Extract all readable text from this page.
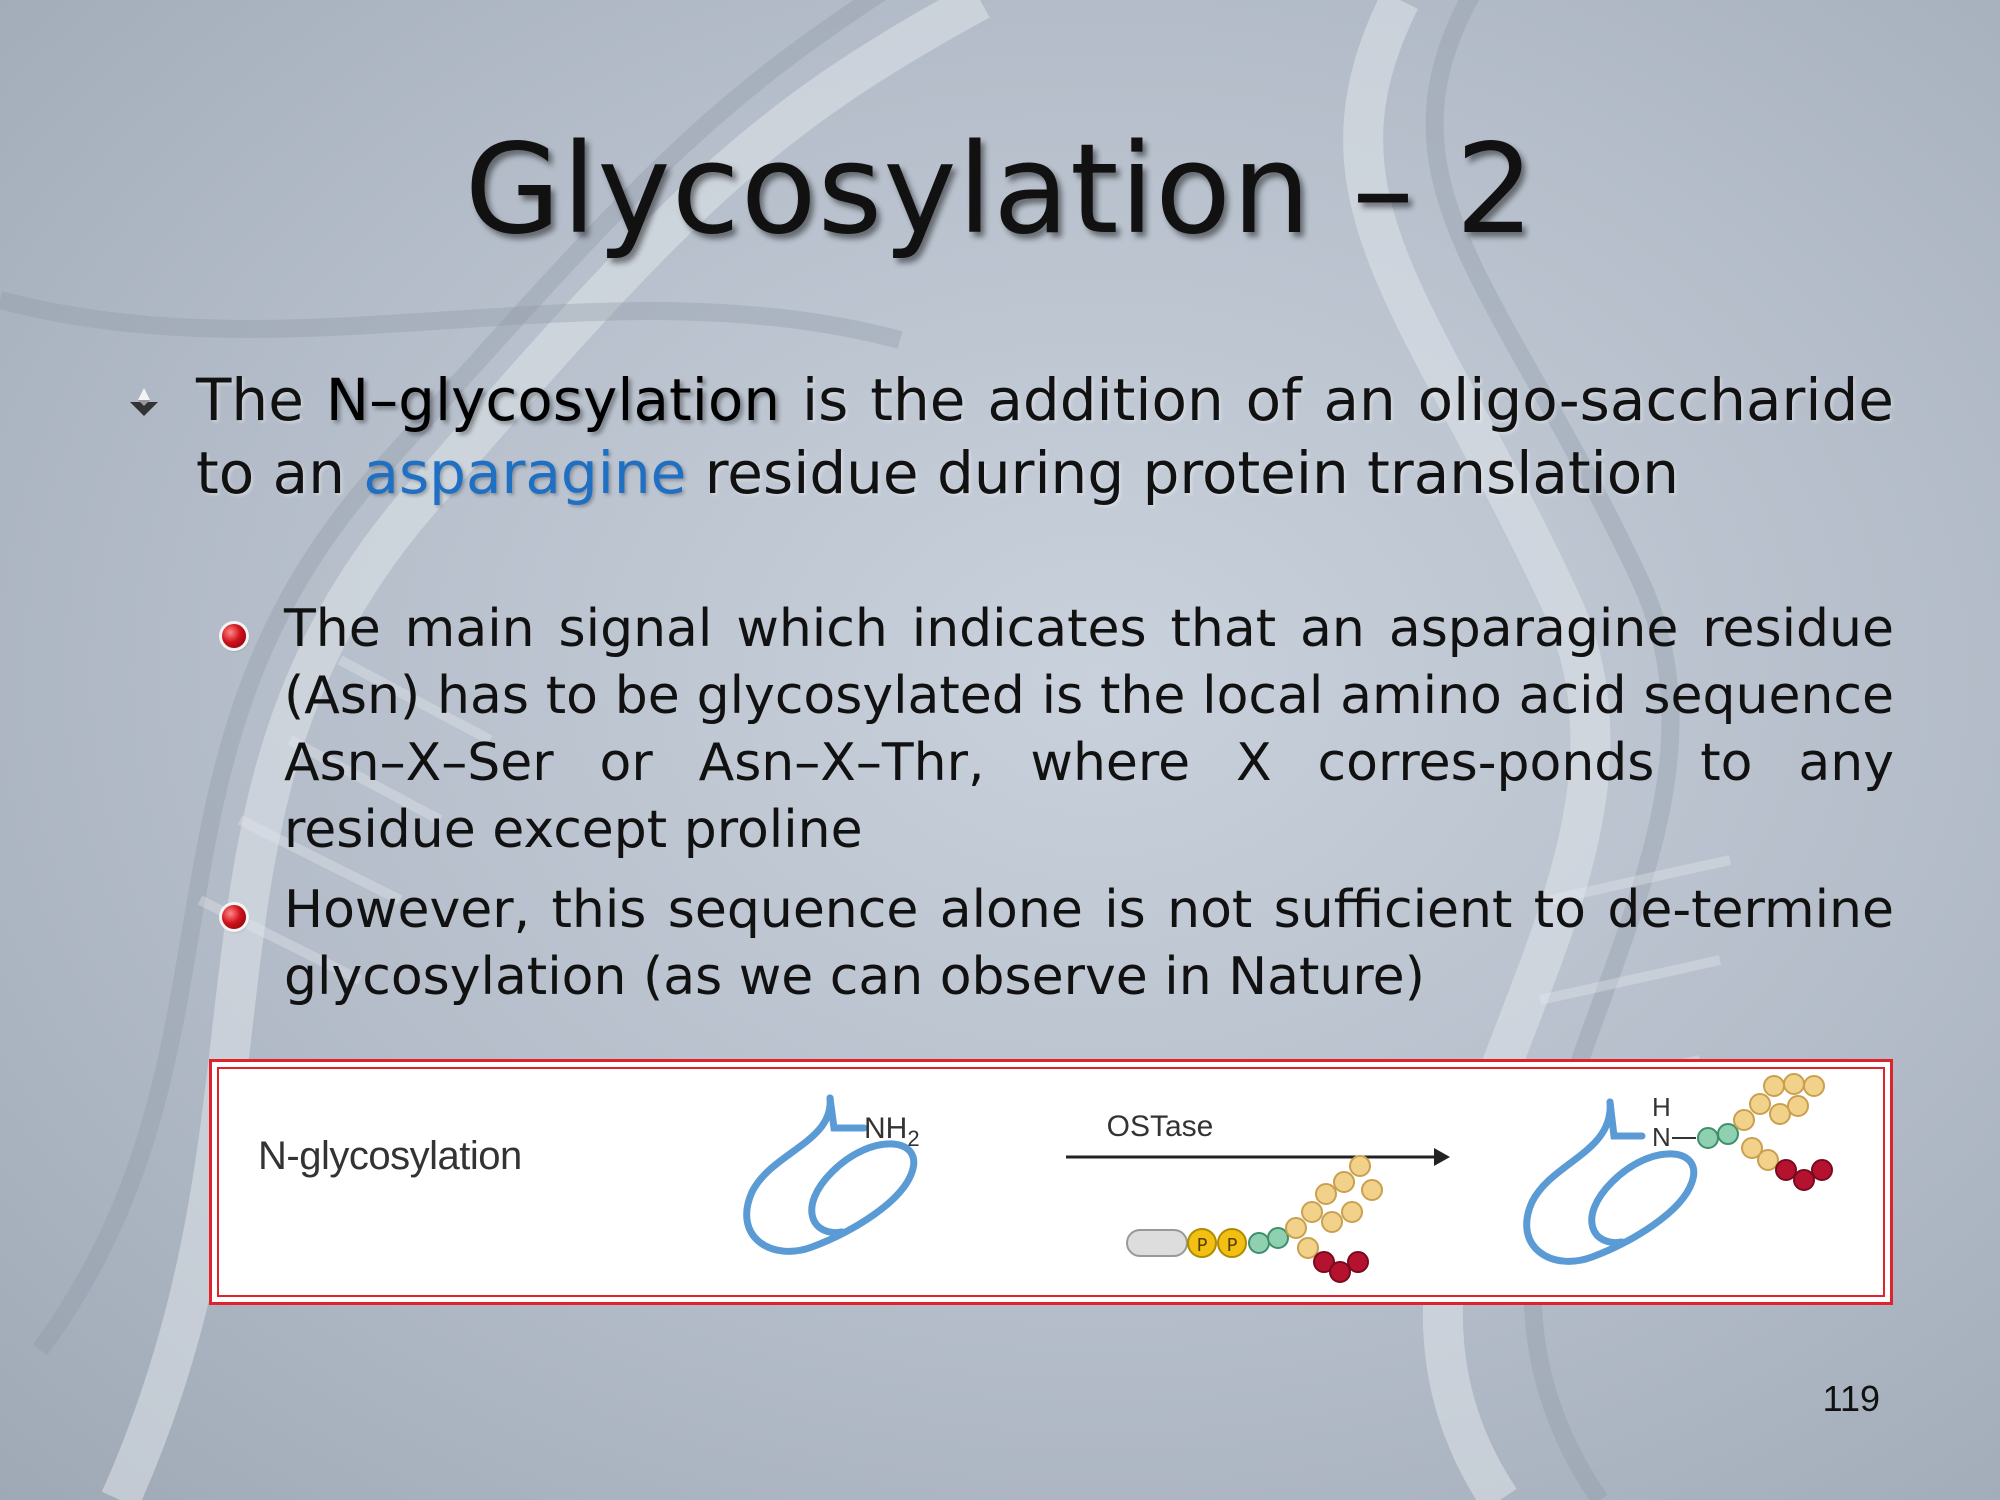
Glycosylation – 2
The N–glycosylation is the addition of an oligo-saccharide to an asparagine residue during protein translation
The main signal which indicates that an asparagine residue (Asn) has to be glycosylated is the local amino acid sequence Asn–X–Ser or Asn–X–Thr, where X corres-ponds to any residue except proline
However, this sequence alone is not sufficient to de-termine glycosylation (as we can observe in Nature)
N-glycosylation
$NH_2$	OSTase
P P
H
N
119
